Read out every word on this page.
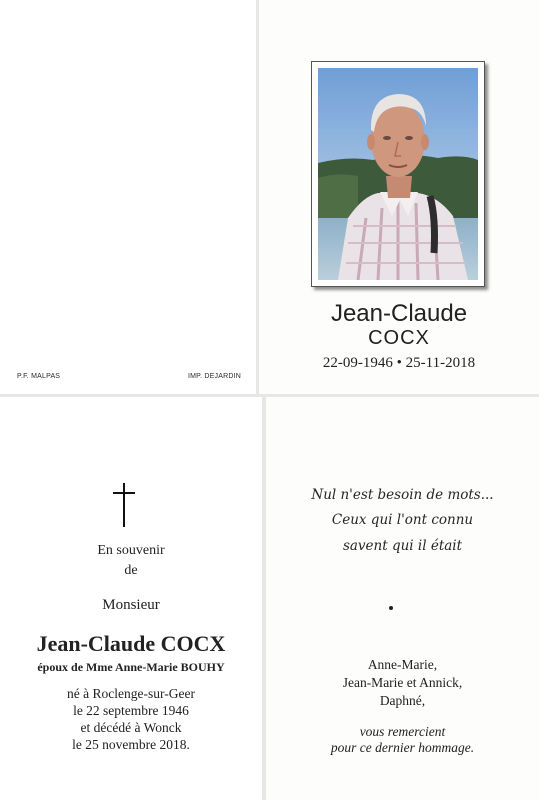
P.F. MALPAS	IMP. DEJARDIN
Jean-Claude
COCX
22-09-1946 • 25-11-2018
En souvenir
de
Monsieur
Jean-Claude COCX
époux de Mme Anne-Marie BOUHY
né à Roclenge-sur-Geer
le 22 septembre 1946
et décédé à Wonck
le 25 novembre 2018.
Nul n'est besoin de mots...
Ceux qui l'ont connu
savent qui il était
Anne-Marie,
Jean-Marie et Annick,
Daphné,
vous remercient
pour ce dernier hommage.
